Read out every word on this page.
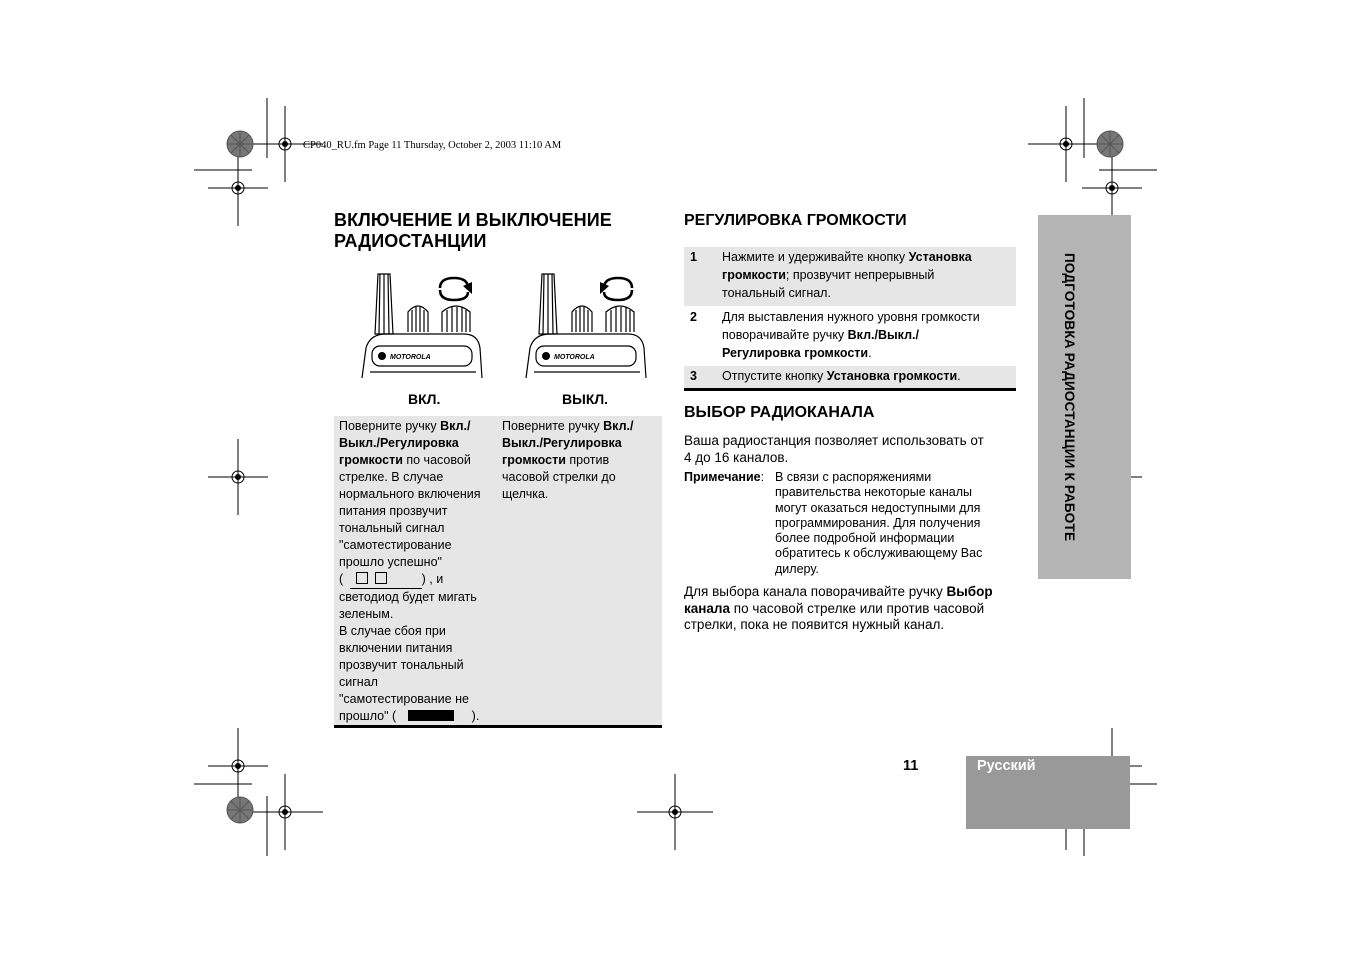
CP040_RU.fm Page 11 Thursday, October 2, 2003 11:10 AM
ПОДГОТОВКА РАДИОСТАНЦИИ К РАБОТЕ
ВКЛЮЧЕНИЕ И ВЫКЛЮЧЕНИЕ
РАДИОСТАНЦИИ
MOTOROLA	MOTOROLA
ВКЛ.	ВЫКЛ.
Поверните ручку Вкл./
Выкл./Регулировка
громкости по часовой
стрелке. В случае
нормального включения
питания прозвучит
тональный сигнал
"самотестирование
прошло успешно"
(	) , и
светодиод будет мигать
зеленым.
В случае сбоя при
включении питания
прозвучит тональный
сигнал
"самотестирование не
прошло" (	).
Поверните ручку Вкл./
Выкл./Регулировка
громкости против
часовой стрелки до
щелчка.
РЕГУЛИРОВКА ГРОМКОСТИ
1 Нажмите и удерживайте кнопку Установка
громкости; прозвучит непрерывный
тональный сигнал.
2 Для выставления нужного уровня громкости
поворачивайте ручку Вкл./Выкл./
Регулировка громкости.
3 Отпустите кнопку Установка громкости.
ВЫБОР РАДИОКАНАЛА
Ваша радиостанция позволяет использовать от
4 до 16 каналов.
Примечание: В связи с распоряжениями
правительства некоторые каналы
могут оказаться недоступными для
программирования. Для получения
более подробной информации
обратитесь к обслуживающему Вас
дилеру.
Для выбора канала поворачивайте ручку Выбор
канала по часовой стрелке или против часовой
стрелки, пока не появится нужный канал.
11	Русский
